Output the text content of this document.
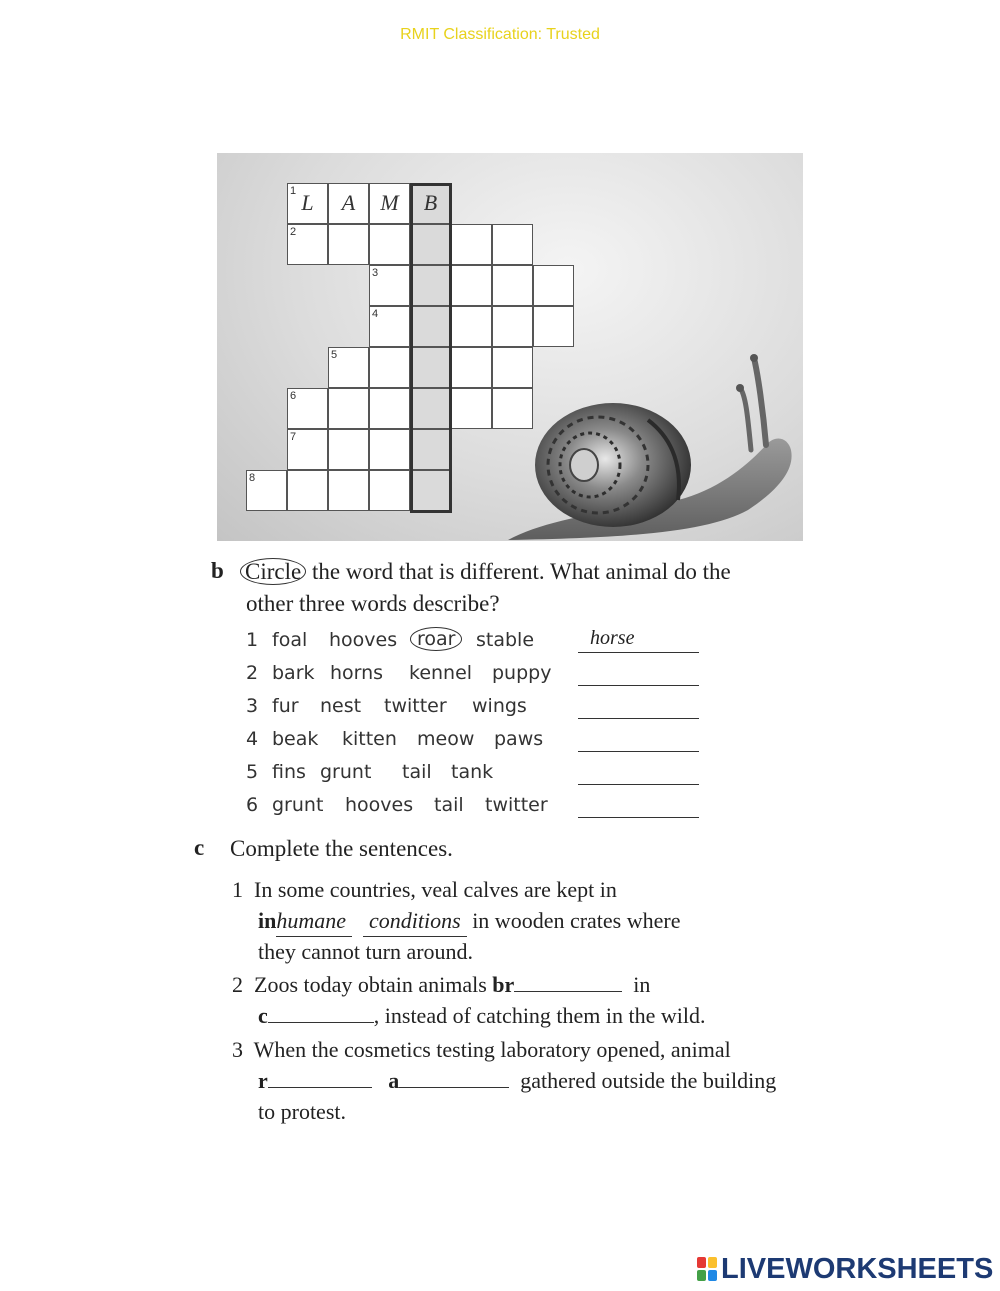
RMIT Classification: Trusted
1 L	A	M	B
2
3
4
5
6
7
8
b Circle the word that is different. What animal do the
other three words describe?
1 foal hooves	roar	stable	horse
2 bark horns kennel puppy
3 fur nest twitter wings
4 beak kitten meow paws
5 fins grunt tail tank
6 grunt hooves tail twitter
c Complete the sentences.
1 In some countries, veal calves are kept in
inhumane conditions in wooden crates where
they cannot turn around.
2 Zoos today obtain animals br	in
c	, instead of catching them in the wild.
3 When the cosmetics testing laboratory opened, animal
r	a	gathered outside the building
to protest.
LIVEWORKSHEETS
